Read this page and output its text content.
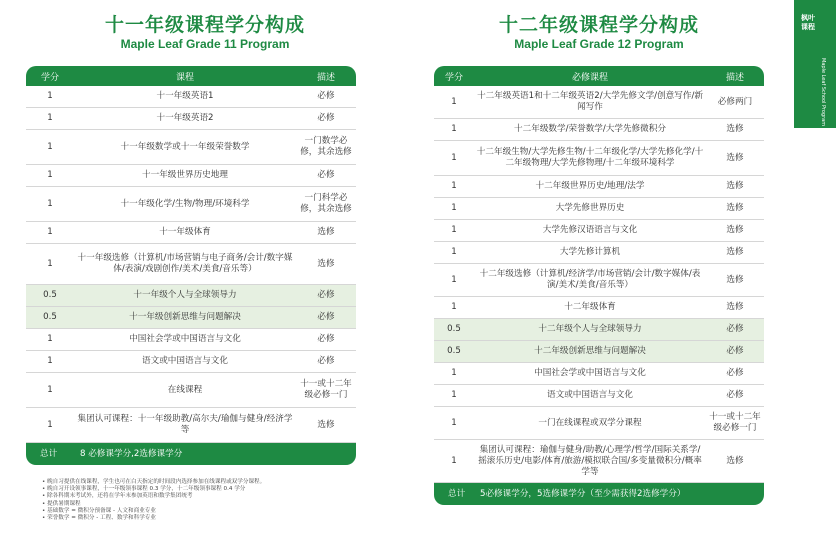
十一年级课程学分构成
Maple Leaf Grade 11 Program
学分	课程	描述
1	十一年级英语1	必修
1	十一年级英语2	必修
1	十一年级数学或十一年级荣誉数学	一门数学必修，其余选修
1	十一年级世界历史地理	必修
1	十一年级化学/生物/物理/环境科学	一门科学必修，其余选修
1	十一年级体育	选修
1	十一年级选修（计算机/市场营销与电子商务/会计/数字媒体/表演/戏剧创作/美术/美食/音乐等）	选修
0.5	十一年级个人与全球领导力	必修
0.5	十一年级创新思维与问题解决	必修
1	中国社会学或中国语言与文化	必修
1	语文或中国语言与文化	必修
1	在线课程	十一或十二年级必修一门
1	集团认可课程：十一年级助教/高尔夫/瑜伽与健身/经济学等	选修
总计	8 必修课学分,2选修课学分	
十二年级课程学分构成
Maple Leaf Grade 12 Program
学分	必修课程	描述
1	十二年级英语1和十二年级英语2/大学先修文学/创意写作/新闻写作	必修两门
1	十二年级数学/荣誉数学/大学先修微积分	选修
1	十二年级生物/大学先修生物/十二年级化学/大学先修化学/十二年级物理/大学先修物理/十二年级环境科学	选修
1	十二年级世界历史/地理/法学	选修
1	大学先修世界历史	选修
1	大学先修汉语语言与文化	选修
1	大学先修计算机	选修
1	十二年级选修（计算机/经济学/市场营销/会计/数字媒体/表演/美术/美食/音乐等）	选修
1	十二年级体育	选修
0.5	十二年级个人与全球领导力	必修
0.5	十二年级创新思维与问题解决	必修
1	中国社会学或中国语言与文化	必修
1	语文或中国语言与文化	必修
1	一门在线课程或双学分课程	十一或十二年级必修一门
1	集团认可课程：瑜伽与健身/助教/心理学/哲学/国际关系学/摇滚乐历史/电影/体育/旅游/模拟联合国/多变量微积分/概率学等	选修
总计	5必修课学分，5选修课学分（至少需获得2选修学分）	
• 晚自习提供在线课程，学生也可在白天指定的时间段内选择参加在线课程或双学分课程。
• 晚自习开设领事课程，十一年级领事课程 0.3 学分，十二年级领事课程 0.4 学分
• 除各科期末考试外，还将在学年末参加英语和数学集团统考
• 提供暑期课程
• 基础数学 = 微积分预备课 - 人文和商业专业
• 荣誉数学 = 微积分 - 工程、数学和科学专业
枫叶课程
Maple Leaf School Program
